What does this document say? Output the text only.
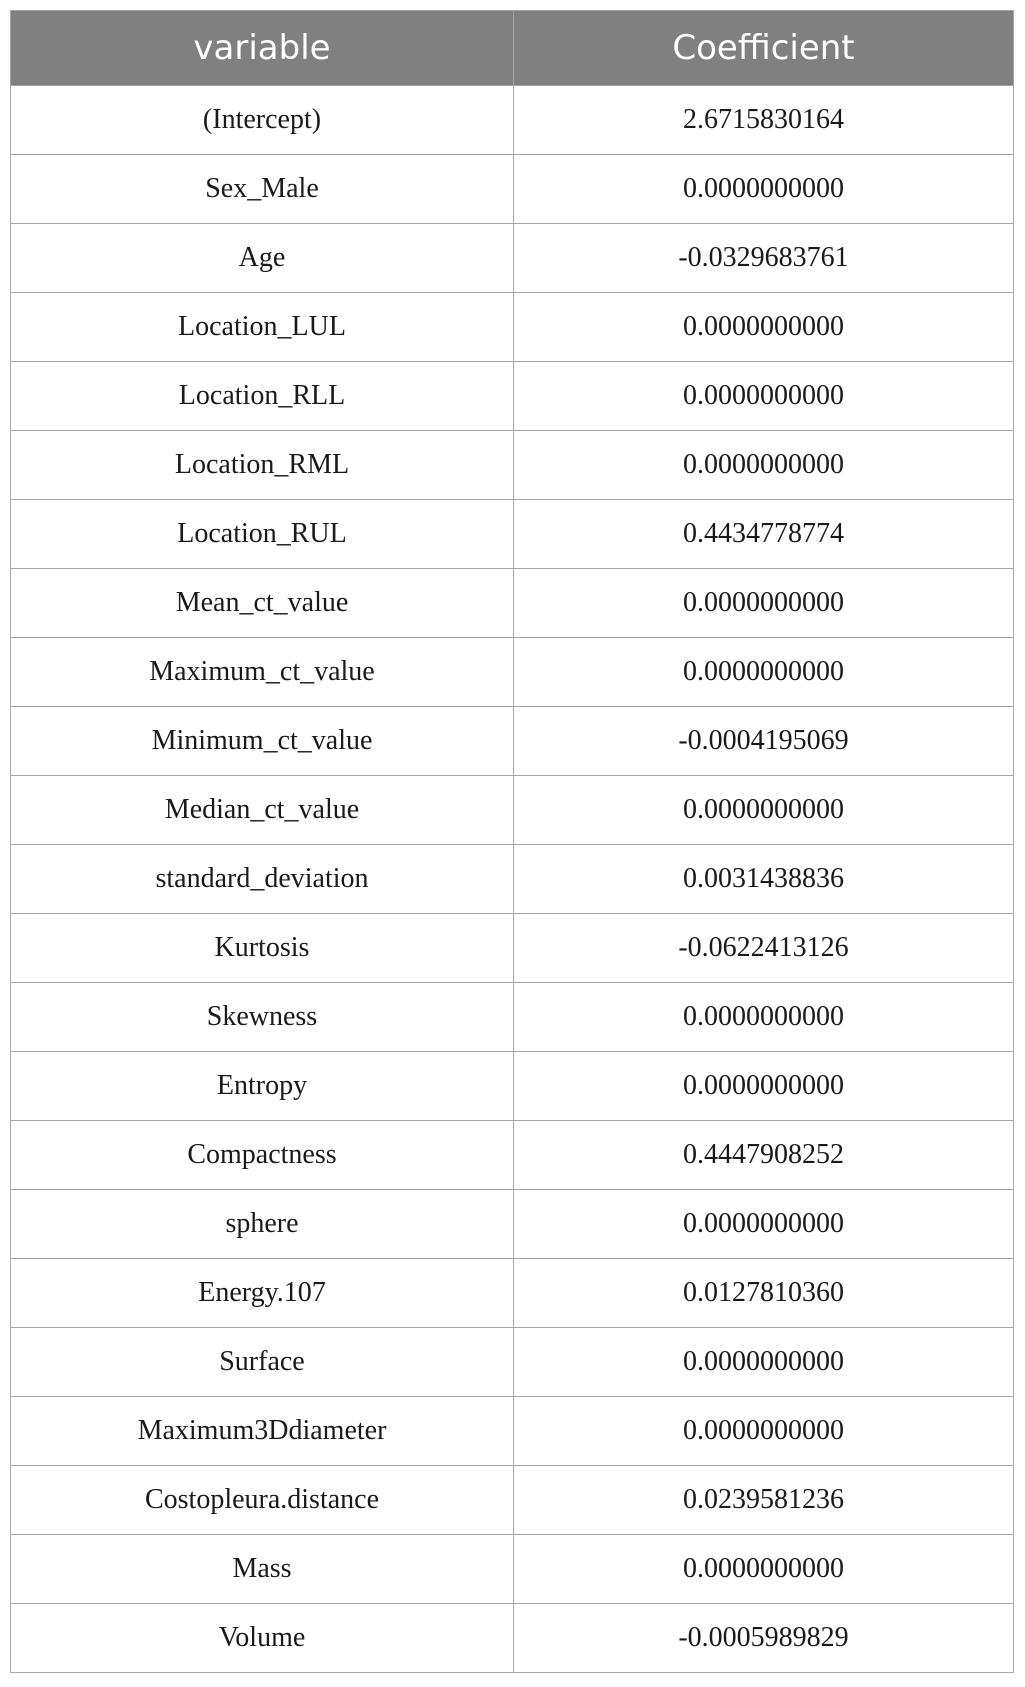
variable	Coefficient
(Intercept)	2.6715830164
Sex_Male	0.0000000000
Age	-0.0329683761
Location_LUL	0.0000000000
Location_RLL	0.0000000000
Location_RML	0.0000000000
Location_RUL	0.4434778774
Mean_ct_value	0.0000000000
Maximum_ct_value	0.0000000000
Minimum_ct_value	-0.0004195069
Median_ct_value	0.0000000000
standard_deviation	0.0031438836
Kurtosis	-0.0622413126
Skewness	0.0000000000
Entropy	0.0000000000
Compactness	0.4447908252
sphere	0.0000000000
Energy.107	0.0127810360
Surface	0.0000000000
Maximum3Ddiameter	0.0000000000
Costopleura.distance	0.0239581236
Mass	0.0000000000
Volume	-0.0005989829
